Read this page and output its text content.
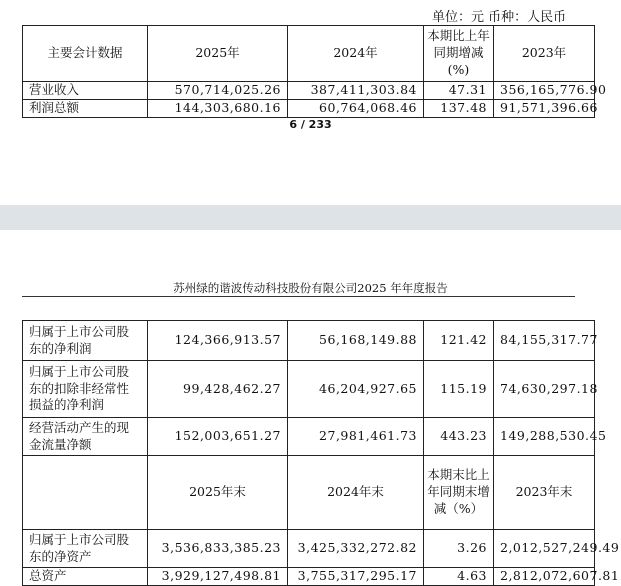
单位：元 币种：人民币
主要会计数据	2025年	2024年	本期比上年同期增减(%)	2023年
营业收入	570,714,025.26	387,411,303.84	47.31	356,165,776.90
利润总额	144,303,680.16	60,764,068.46	137.48	91,571,396.66
6 / 233
苏州绿的谐波传动科技股份有限公司2025 年年度报告
归属于上市公司股东的净利润	124,366,913.57	56,168,149.88	121.42	84,155,317.77
归属于上市公司股东的扣除非经常性损益的净利润	99,428,462.27	46,204,927.65	115.19	74,630,297.18
经营活动产生的现金流量净额	152,003,651.27	27,981,461.73	443.23	149,288,530.45
	2025年末	2024年末	本期末比上年同期末增减（%）	2023年末
归属于上市公司股东的净资产	3,536,833,385.23	3,425,332,272.82	3.26	2,012,527,249.49
总资产	3,929,127,498.81	3,755,317,295.17	4.63	2,812,072,607.81
